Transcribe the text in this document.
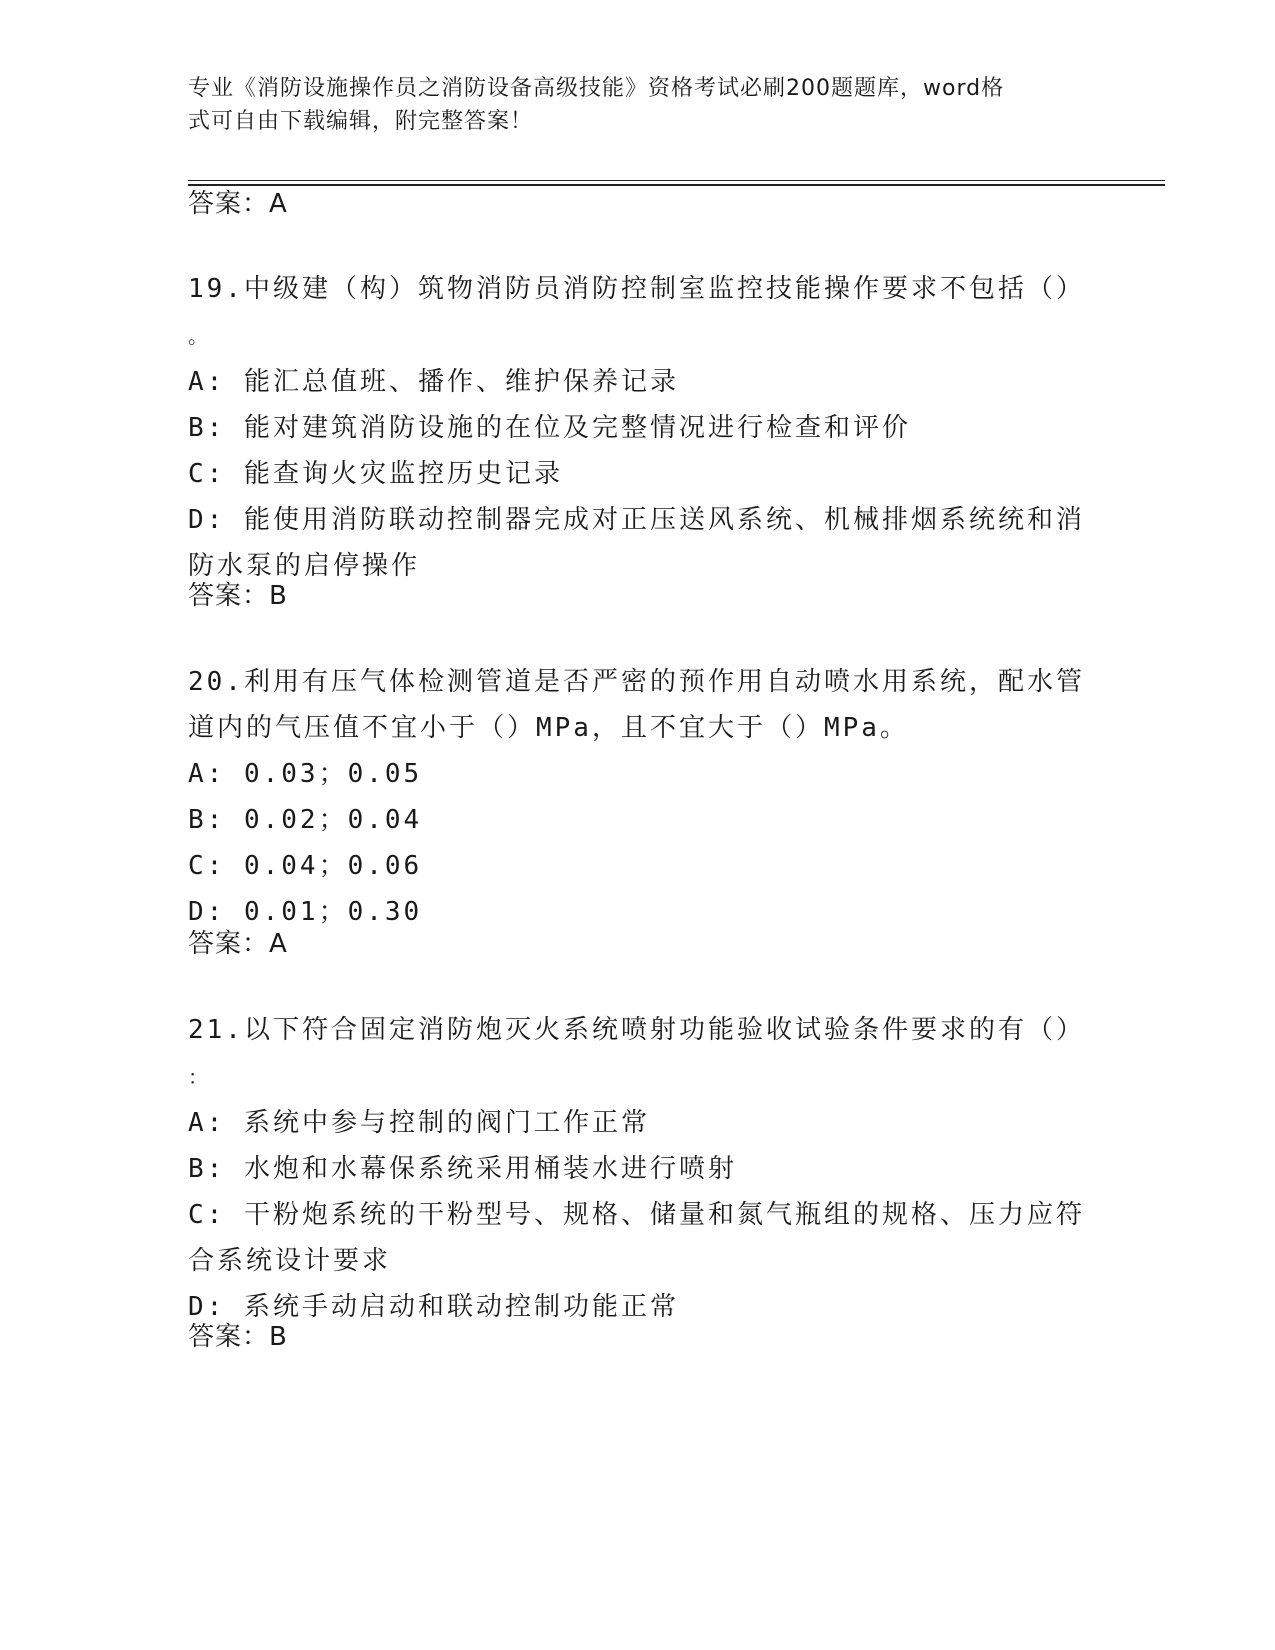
专业《消防设施操作员之消防设备高级技能》资格考试必刷200题题库，word格
式可自由下载编辑，附完整答案！
答案：A

19.中级建（构）筑物消防员消防控制室监控技能操作要求不包括（）
。

A: 能汇总值班、播作、维护保养记录

B: 能对建筑消防设施的在位及完整情况进行检查和评价

C: 能查询火灾监控历史记录

D: 能使用消防联动控制器完成对正压送风系统、机械排烟系统统和消
防水泵的启停操作

答案：B

20.利用有压气体检测管道是否严密的预作用自动喷水用系统，配水管
道内的气压值不宜小于（）MPa，且不宜大于（）MPa。

A: 0.03；0.05

B: 0.02；0.04

C: 0.04；0.06

D: 0.01；0.30

答案：A

21.以下符合固定消防炮灭火系统喷射功能验收试验条件要求的有（）
：

A: 系统中参与控制的阀门工作正常

B: 水炮和水幕保系统采用桶装水进行喷射

C: 干粉炮系统的干粉型号、规格、储量和氮气瓶组的规格、压力应符
合系统设计要求

D: 系统手动启动和联动控制功能正常

答案：B
